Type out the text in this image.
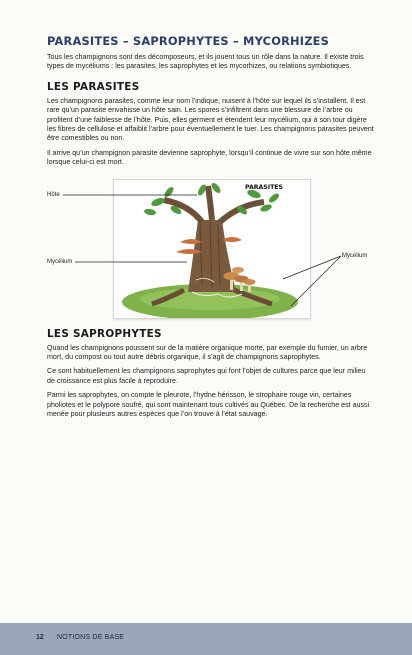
PARASITES – SAPROPHYTES – MYCORHIZES

Tous les champignons sont des décomposeurs, et ils jouent tous un rôle dans la nature. Il existe trois types de mycéliums : les parasites, les saprophytes et les mycorhizes, ou relations symbiotiques.

LES PARASITES

Les champignons parasites, comme leur nom l’indique, nuisent à l’hôte sur lequel ils s’installent. Il est rare qu’un parasite envahisse un hôte sain. Les spores s’infiltrent dans une blessure de l’arbre ou profitent d’une faiblesse de l’hôte. Puis, elles germent et étendent leur mycélium, qui à son tour digère les fibres de cellulose et affaiblit l’arbre pour éventuellement le tuer. Les champignons parasites peuvent être comestibles ou non.

Il arrive qu’un champignon parasite devienne saprophyte, lorsqu’il continue de vivre sur son hôte même lorsque celui-ci est mort.

PARASITES
Hôte
Mycélium
Mycélium
LES SAPROPHYTES

Quand les champignons poussent sur de la matière organique morte, par exemple du fumier, un arbre mort, du compost ou tout autre débris organique, il s’agit de champignons saprophytes.

Ce sont habituellement les champignons saprophytes qui font l’objet de cultures parce que leur milieu de croissance est plus facile à reproduire.

Parmi les saprophytes, on compte le pleurote, l’hydne hérisson, le strophaire rouge vin, certaines pholiotes et le polypore soufré, qui sont maintenant tous cultivés au Québec. De la recherche est aussi menée pour plusieurs autres espèces que l’on trouve à l’état sauvage.

12 NOTIONS DE BASE
